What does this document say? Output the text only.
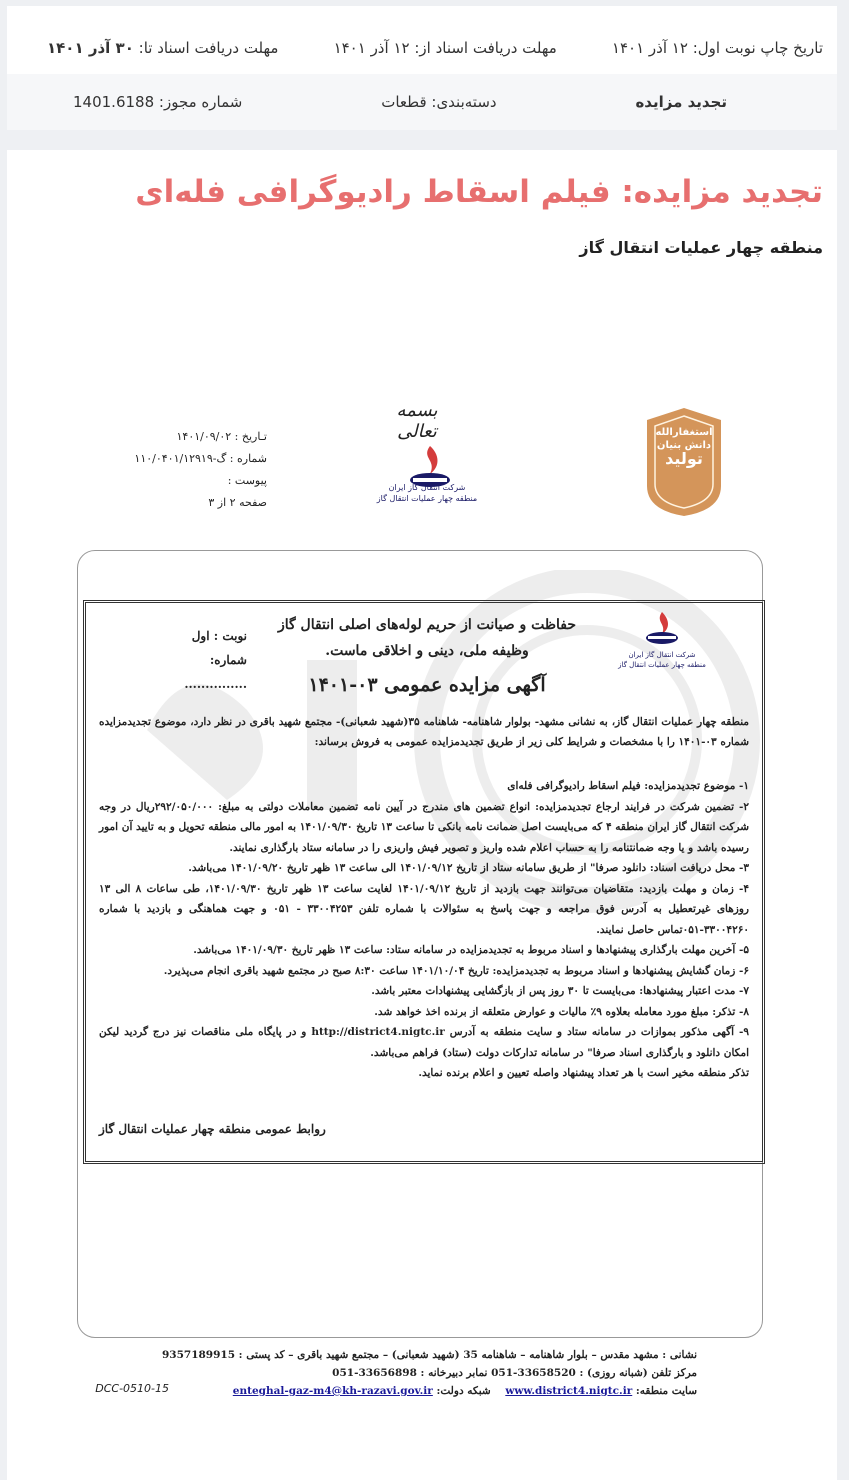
تاریخ چاپ نوبت اول: ۱۲ آذر ۱۴۰۱
مهلت دریافت اسناد از: ۱۲ آذر ۱۴۰۱
مهلت دریافت اسناد تا: ۳۰ آذر ۱۴۰۱
تجدید مزایده
دسته‌بندی: قطعات
شماره مجوز: 1401.6188
تجدید مزایده: فیلم اسقاط رادیوگرافی فله‌ای
منطقه چهار عملیات انتقال گاز
تـاریخ : ۱۴۰۱/۰۹/۰۲
شماره : گ-۱۱۰/۰۴۰۱/۱۲۹۱۹
پیوست :
صفحه ۲ از ۳
بسمه تعالی
شرکت انتقال گاز ایران
منطقه چهار عملیات انتقال گاز
استغفارالله
دانش بنیان
تولید
شرکت انتقال گاز ایران
منطقه چهار عملیات انتقال گاز
حفاظت و صیانت از حریم لوله‌های اصلی انتقال گاز
وظیفه ملی، دینی و اخلاقی ماست.
آگهی مزایده عمومی ۰۳-۱۴۰۱
نوبت : اول
شماره: ...............
منطقه چهار عملیات انتقال گاز، به نشانی مشهد- بولوار شاهنامه- شاهنامه ۳۵(شهید شعبانی)- مجتمع شهید باقری در نظر دارد، موضوع تجدیدمزایده شماره ۰۳-۱۴۰۱ را با مشخصات و شرایط کلی زیر از طریق تجدیدمزایده عمومی به فروش برساند:

۱- موضوع تجدیدمزایده: فیلم اسقاط رادیوگرافی فله‌ای

۲- تضمین شرکت در فرایند ارجاع تجدیدمزایده: انواع تضمین های مندرج در آیین نامه تضمین معاملات دولتی به مبلغ: ۲۹۲/۰۵۰/۰۰۰ریال در وجه شرکت انتقال گاز ایران منطقه ۴ که می‌بایست اصل ضمانت نامه بانکی تا ساعت ۱۳ تاریخ ۱۴۰۱/۰۹/۳۰ به امور مالی منطقه تحویل و به تایید آن امور رسیده باشد و یا وجه ضمانتنامه را به حساب اعلام شده واریز و تصویر فیش واریزی را در سامانه ستاد بارگذاری نمایند.

۳- محل دریافت اسناد: دانلود صرفا" از طریق سامانه ستاد از تاریخ ۱۴۰۱/۰۹/۱۲ الی ساعت ۱۳ ظهر تاریخ ۱۴۰۱/۰۹/۲۰ می‌باشد.

۴- زمان و مهلت بازدید: متقاضیان می‌توانند جهت بازدید از تاریخ ۱۴۰۱/۰۹/۱۲ لغایت ساعت ۱۳ ظهر تاریخ ۱۴۰۱/۰۹/۳۰، طی ساعات ۸ الی ۱۳ روزهای غیرتعطیل به آدرس فوق مراجعه و جهت پاسخ به سئوالات با شماره تلفن ۳۳۰۰۴۲۵۳ - ۰۵۱ و جهت هماهنگی و بازدید با شماره ۳۳۰۰۴۲۶۰-۰۵۱تماس حاصل نمایند.

۵- آخرین مهلت بارگذاری پیشنهادها و اسناد مربوط به تجدیدمزایده در سامانه ستاد: ساعت ۱۳ ظهر تاریخ ۱۴۰۱/۰۹/۳۰ می‌باشد.

۶- زمان گشایش پیشنهادها و اسناد مربوط به تجدیدمزایده: تاریخ ۱۴۰۱/۱۰/۰۴ ساعت ۸:۳۰ صبح در مجتمع شهید باقری انجام می‌پذیرد.

۷- مدت اعتبار پیشنهادها: می‌بایست تا ۳۰ روز پس از بازگشایی پیشنهادات معتبر باشد.

۸- تذکر: مبلغ مورد معامله بعلاوه ۹٪ مالیات و عوارض متعلقه از برنده اخذ خواهد شد.

۹- آگهی مذکور بموازات در سامانه ستاد و سایت منطقه به آدرس http://district4.nigtc.ir و در پایگاه ملی مناقصات نیز درج گردید لیکن امکان دانلود و بارگذاری اسناد صرفا" در سامانه تدارکات دولت (ستاد) فراهم می‌باشد.

تذکر منطقه مخیر است با هر تعداد پیشنهاد واصله تعیین و اعلام برنده نماید.

روابط عمومی منطقه چهار عملیات انتقال گاز
نشانی : مشهد مقدس – بلوار شاهنامه – شاهنامه 35 (شهید شعبانی) – مجتمع شهید باقری – کد پستی : 9357189915
مرکز تلفن (شبانه روزی) : 33658520-051 نمابر دبیرخانه : 33656898-051
سایت منطقه: www.district4.nigtc.ir    شبکه دولت: enteghal-gaz-m4@kh-razavi.gov.ir
DCC-0510-15
